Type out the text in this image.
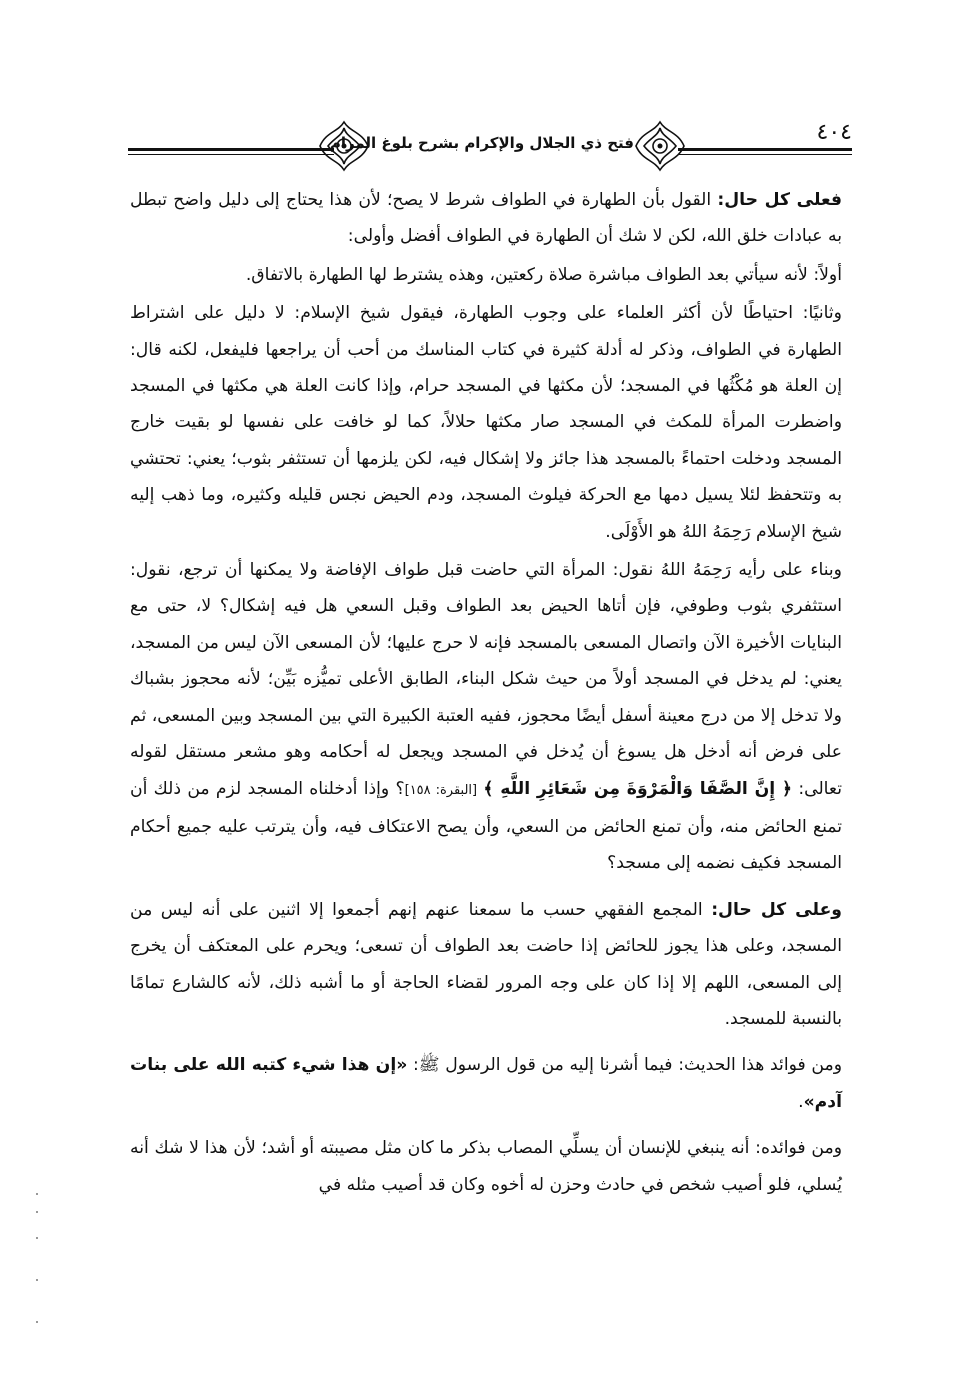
فتح ذي الجلال والإكرام بشرح بلوغ المرام	٤٠٤

فعلى كل حال: القول بأن الطهارة في الطواف شرط لا يصح؛ لأن هذا يحتاج إلى دليل واضح تبطل به عبادات خلق الله، لكن لا شك أن الطهارة في الطواف أفضل وأولى:

أولاً: لأنه سيأتي بعد الطواف مباشرة صلاة ركعتين، وهذه يشترط لها الطهارة بالاتفاق.

وثانيًا: احتياطًا لأن أكثر العلماء على وجوب الطهارة، فيقول شيخ الإسلام: لا دليل على اشتراط الطهارة في الطواف، وذكر له أدلة كثيرة في كتاب المناسك من أحب أن يراجعها فليفعل، لكنه قال: إن العلة هو مُكْثُها في المسجد؛ لأن مكثها في المسجد حرام، وإذا كانت العلة هي مكثها في المسجد واضطرت المرأة للمكث في المسجد صار مكثها حلالاً، كما لو خافت على نفسها لو بقيت خارج المسجد ودخلت احتماءً بالمسجد هذا جائز ولا إشكال فيه، لكن يلزمها أن تستثفر بثوب؛ يعني: تحتشي به وتتحفظ لئلا يسيل دمها مع الحركة فيلوث المسجد، ودم الحيض نجس قليله وكثيره، وما ذهب إليه شيخ الإسلام رَحِمَهُ اللهُ هو الأَوْلَى.

وبناء على رأيه رَحِمَهُ اللهُ نقول: المرأة التي حاضت قبل طواف الإفاضة ولا يمكنها أن ترجع، نقول: استثفري بثوب وطوفي، فإن أتاها الحيض بعد الطواف وقبل السعي هل فيه إشكال؟ لا، حتى مع البنايات الأخيرة الآن واتصال المسعى بالمسجد فإنه لا حرج عليها؛ لأن المسعى الآن ليس من المسجد، يعني: لم يدخل في المسجد أولاً من حيث شكل البناء، الطابق الأعلى تميُّزه بَيِّن؛ لأنه محجوز بشباك ولا تدخل إلا من درج معينة أسفل أيضًا محجوز، ففيه العتبة الكبيرة التي بين المسجد وبين المسعى، ثم على فرض أنه أدخل هل يسوغ أن يُدخل في المسجد ويجعل له أحكامه وهو مشعر مستقل لقوله تعالى: ﴿ إِنَّ الصَّفَا وَالْمَرْوَةَ مِن شَعَائِرِ اللَّهِ ﴾ [البقرة: ١٥٨]؟ وإذا أدخلناه المسجد لزم من ذلك أن تمنع الحائض منه، وأن تمنع الحائض من السعي، وأن يصح الاعتكاف فيه، وأن يترتب عليه جميع أحكام المسجد فكيف نضمه إلى مسجد؟

وعلى كل حال: المجمع الفقهي حسب ما سمعنا عنهم إنهم أجمعوا إلا اثنين على أنه ليس من المسجد، وعلى هذا يجوز للحائض إذا حاضت بعد الطواف أن تسعى؛ ويحرم على المعتكف أن يخرج إلى المسعى، اللهم إلا إذا كان على وجه المرور لقضاء الحاجة أو ما أشبه ذلك، لأنه كالشارع تمامًا بالنسبة للمسجد.

ومن فوائد هذا الحديث: فيما أشرنا إليه من قول الرسول ﷺ: «إن هذا شيء كتبه الله على بنات آدم».

ومن فوائده: أنه ينبغي للإنسان أن يسلِّي المصاب بذكر ما كان مثل مصيبته أو أشد؛ لأن هذا لا شك أنه يُسلي، فلو أصيب شخص في حادث وحزن له أخوه وكان قد أصيب مثله في
